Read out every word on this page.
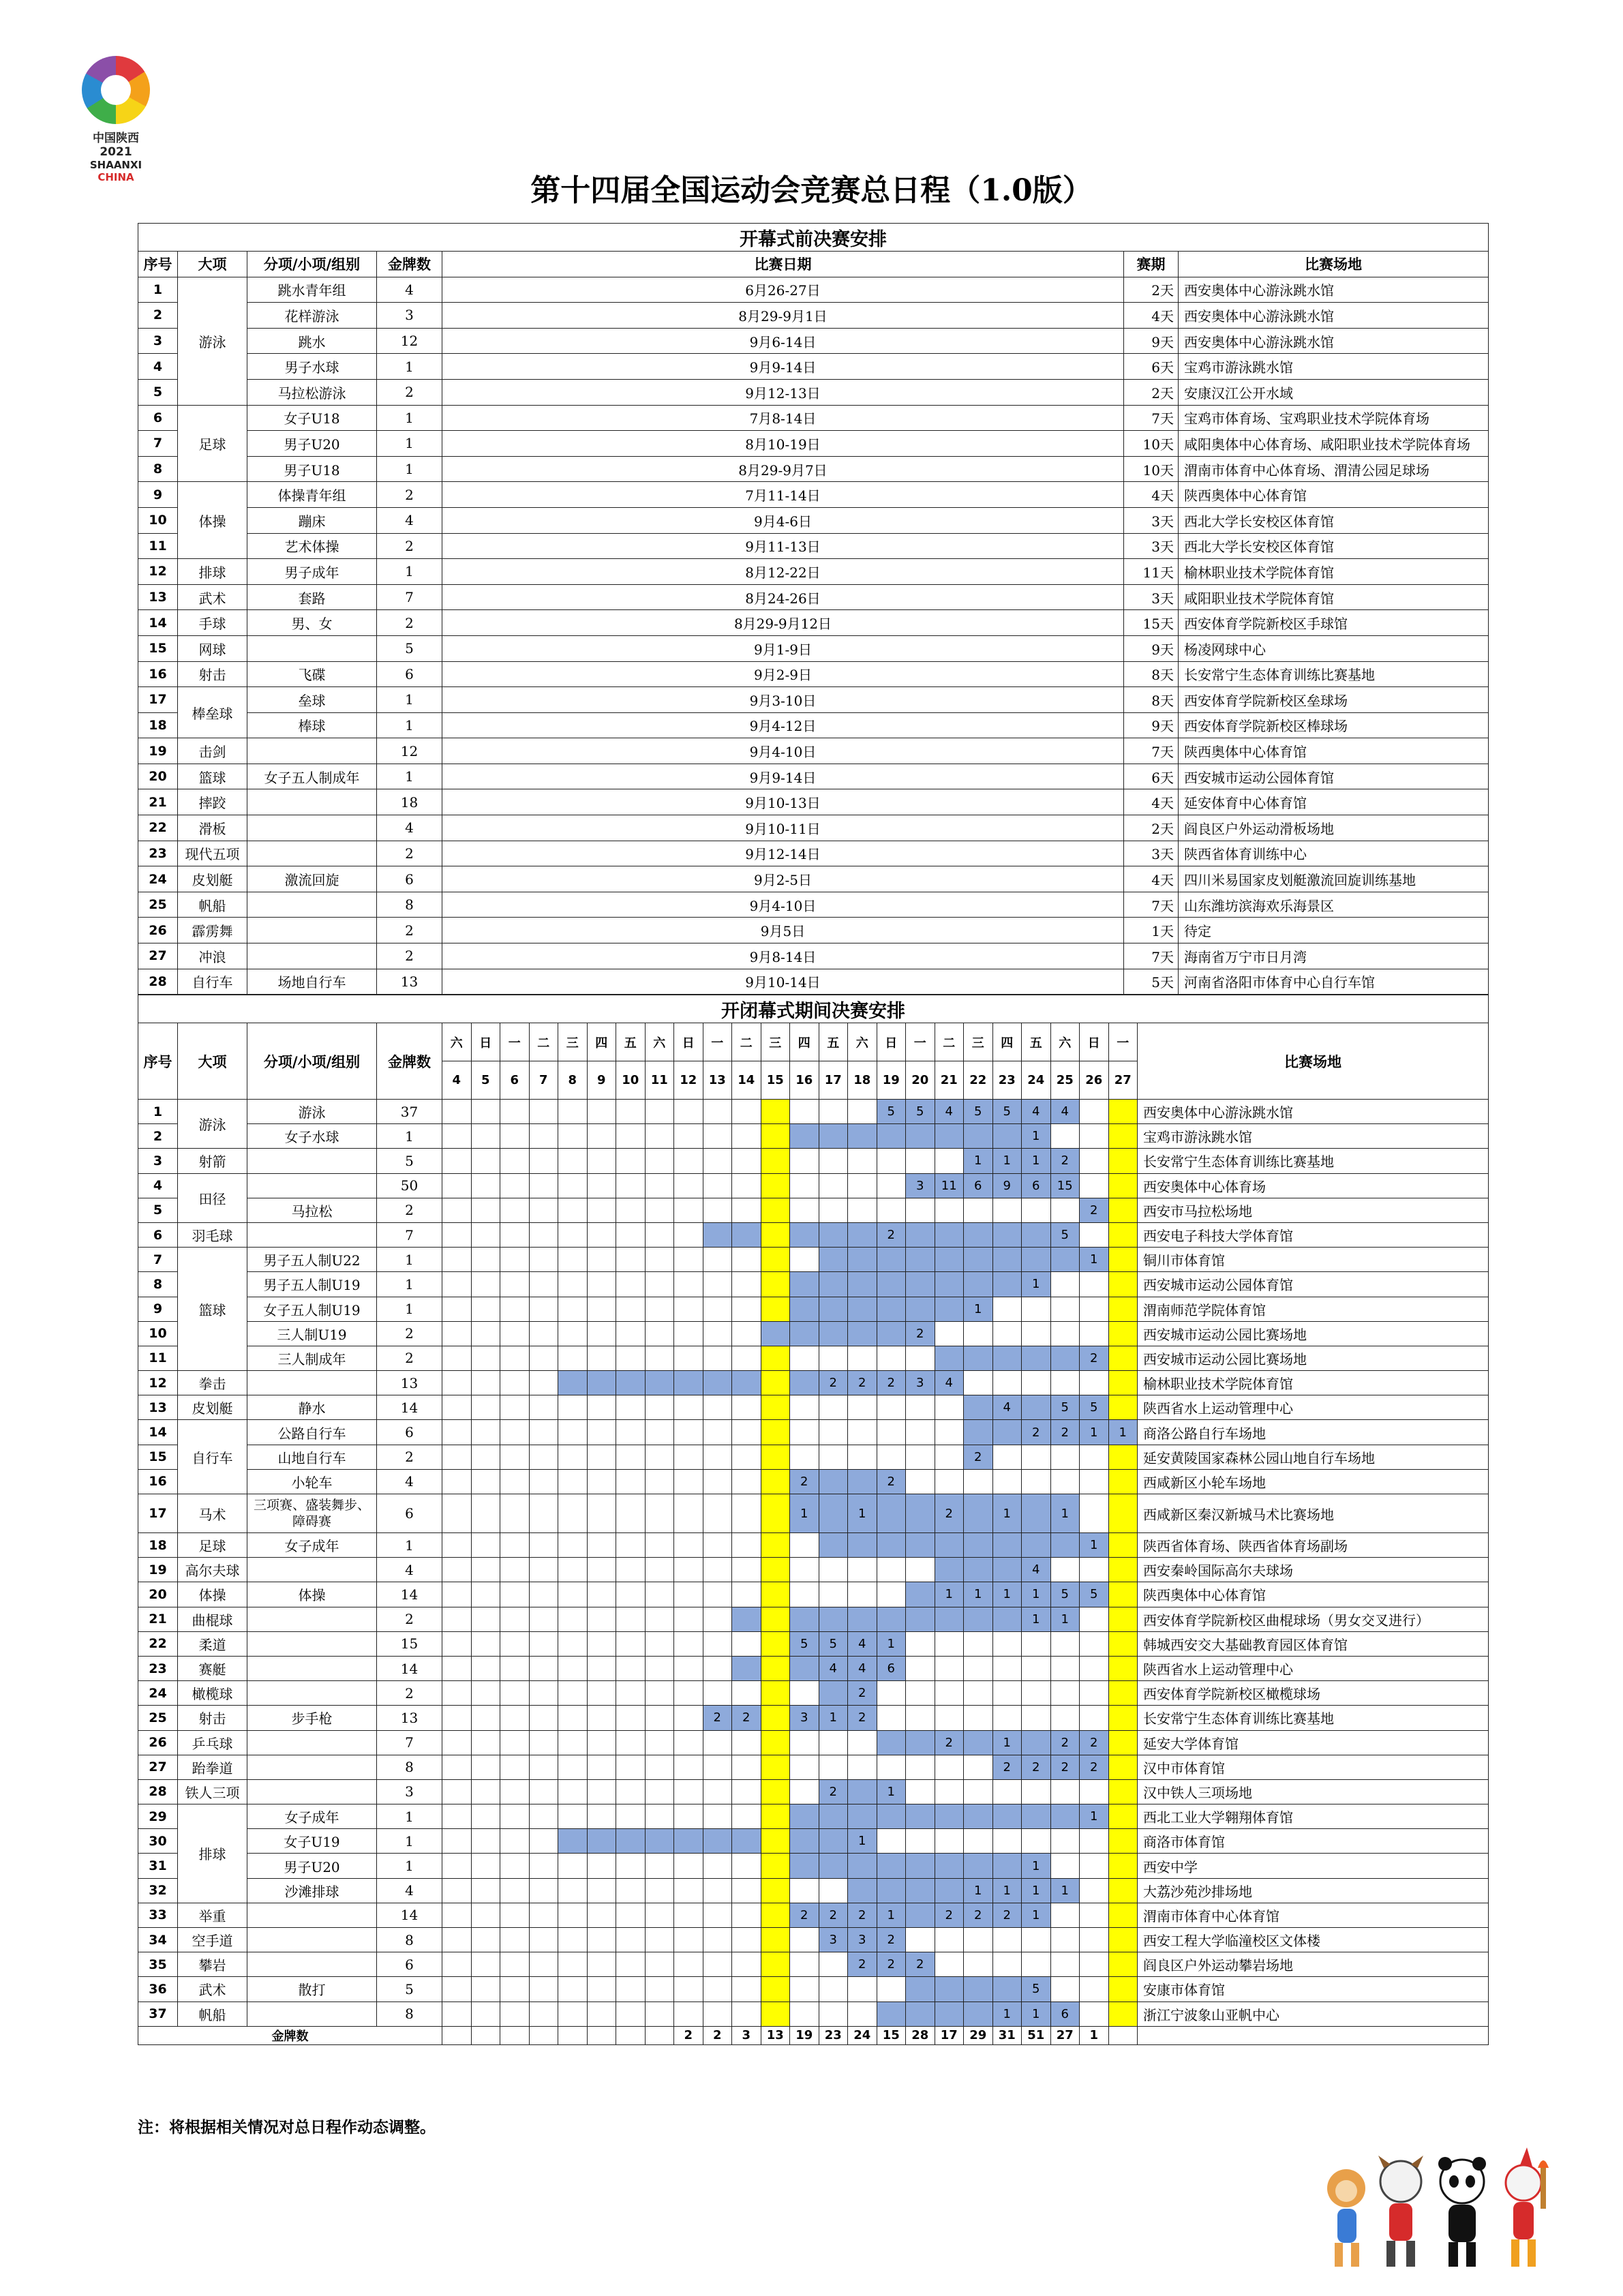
中国陕西 2021
SHAANXI CHINA	第十四届全国运动会竞赛总日程（1.0版）
开幕式前决赛安排						
序号	大项	分项/小项/组别	金牌数	比赛日期	赛期	比赛场地
1	游泳	跳水青年组	4	6月26-27日	2天	西安奥体中心游泳跳水馆
2		花样游泳	3	8月29-9月1日	4天	西安奥体中心游泳跳水馆
3		跳水	12	9月6-14日	9天	西安奥体中心游泳跳水馆
4		男子水球	1	9月9-14日	6天	宝鸡市游泳跳水馆
5		马拉松游泳	2	9月12-13日	2天	安康汉江公开水域
6	足球	女子U18	1	7月8-14日	7天	宝鸡市体育场、宝鸡职业技术学院体育场
7		男子U20	1	8月10-19日	10天	咸阳奥体中心体育场、咸阳职业技术学院体育场
8		男子U18	1	8月29-9月7日	10天	渭南市体育中心体育场、渭清公园足球场
9	体操	体操青年组	2	7月11-14日	4天	陕西奥体中心体育馆
10		蹦床	4	9月4-6日	3天	西北大学长安校区体育馆
11		艺术体操	2	9月11-13日	3天	西北大学长安校区体育馆
12	排球	男子成年	1	8月12-22日	11天	榆林职业技术学院体育馆
13	武术	套路	7	8月24-26日	3天	咸阳职业技术学院体育馆
14	手球	男、女	2	8月29-9月12日	15天	西安体育学院新校区手球馆
15	网球		5	9月1-9日	9天	杨凌网球中心
16	射击	飞碟	6	9月2-9日	8天	长安常宁生态体育训练比赛基地
17	棒垒球	垒球	1	9月3-10日	8天	西安体育学院新校区垒球场
18		棒球	1	9月4-12日	9天	西安体育学院新校区棒球场
19	击剑		12	9月4-10日	7天	陕西奥体中心体育馆
20	篮球	女子五人制成年	1	9月9-14日	6天	西安城市运动公园体育馆
21	摔跤		18	9月10-13日	4天	延安体育中心体育馆
22	滑板		4	9月10-11日	2天	阎良区户外运动滑板场地
23	现代五项		2	9月12-14日	3天	陕西省体育训练中心
24	皮划艇	激流回旋	6	9月2-5日	4天	四川米易国家皮划艇激流回旋训练基地
25	帆船		8	9月4-10日	7天	山东潍坊滨海欢乐海景区
26	霹雳舞		2	9月5日	1天	待定
27	冲浪		2	9月8-14日	7天	海南省万宁市日月湾
28	自行车	场地自行车	13	9月10-14日	5天	河南省洛阳市体育中心自行车馆
开闭幕式期间决赛安排																												
序号	大项	分项/小项/组别	金牌数	六	日	一	二	三	四	五	六	日	一	二	三	四	五	六	日	一	二	三	四	五	六	日	一	比赛场地
				4	5	6	7	8	9	10	11	12	13	14	15	16	17	18	19	20	21	22	23	24	25	26	27	
1	游泳	游泳	37																5	5	4	5	5	4	4			西安奥体中心游泳跳水馆
2		女子水球	1																					1				宝鸡市游泳跳水馆
3	射箭		5																			1	1	1	2			长安常宁生态体育训练比赛基地
4	田径		50																	3	11	6	9	6	15			西安奥体中心体育场
5		马拉松	2																							2		西安市马拉松场地
6	羽毛球		7																2						5			西安电子科技大学体育馆
7	篮球	男子五人制U22	1																							1		铜川市体育馆
8		男子五人制U19	1																					1				西安城市运动公园体育馆
9		女子五人制U19	1																			1						渭南师范学院体育馆
10		三人制U19	2																	2								西安城市运动公园比赛场地
11		三人制成年	2																							2		西安城市运动公园比赛场地
12	拳击		13														2	2	2	3	4							榆林职业技术学院体育馆
13	皮划艇	静水	14																				4		5	5		陕西省水上运动管理中心
14	自行车	公路自行车	6																					2	2	1	1	商洛公路自行车场地
15		山地自行车	2																			2						延安黄陵国家森林公园山地自行车场地
16		小轮车	4													2			2									西咸新区小轮车场地
17	马术	三项赛、盛装舞步、障碍赛	6													1		1			2		1		1			西咸新区秦汉新城马术比赛场地
18	足球	女子成年	1																							1		陕西省体育场、陕西省体育场副场
19	高尔夫球		4																					4				西安秦岭国际高尔夫球场
20	体操	体操	14																		1	1	1	1	5	5		陕西奥体中心体育馆
21	曲棍球		2																					1	1			西安体育学院新校区曲棍球场（男女交叉进行）
22	柔道		15													5	5	4	1									韩城西安交大基础教育园区体育馆
23	赛艇		14														4	4	6									陕西省水上运动管理中心
24	橄榄球		2															2										西安体育学院新校区橄榄球场
25	射击	步手枪	13										2	2		3	1	2										长安常宁生态体育训练比赛基地
26	乒乓球		7																		2		1		2	2		延安大学体育馆
27	跆拳道		8																				2	2	2	2		汉中市体育馆
28	铁人三项		3														2		1									汉中铁人三项场地
29	排球	女子成年	1																							1		西北工业大学翱翔体育馆
30		女子U19	1															1										商洛市体育馆
31		男子U20	1																					1				西安中学
32		沙滩排球	4																			1	1	1	1			大荔沙苑沙排场地
33	举重		14													2	2	2	1		2	2	2	1				渭南市体育中心体育馆
34	空手道		8														3	3	2									西安工程大学临潼校区文体楼
35	攀岩		6															2	2	2								阎良区户外运动攀岩场地
36	武术	散打	5																					5				安康市体育馆
37	帆船		8																				1	1	6			浙江宁波象山亚帆中心
金牌数												2	2	3	13	19	23	24	15	28	17	29	31	51	27	1		
注：将根据相关情况对总日程作动态调整。
